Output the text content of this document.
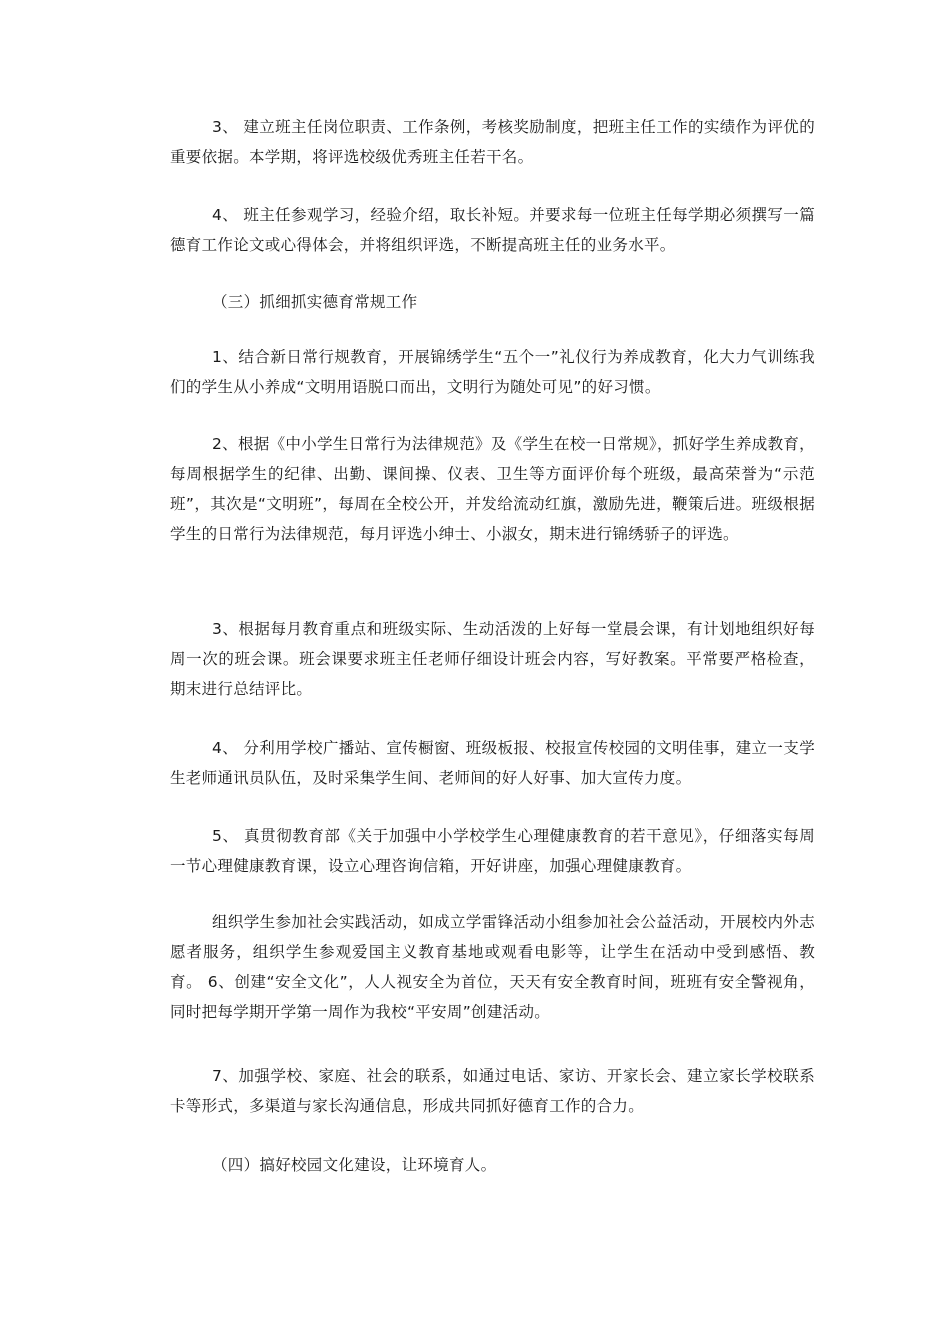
3、 建立班主任岗位职责、工作条例，考核奖励制度，把班主任工作的实绩作为评优的重要依据。本学期，将评选校级优秀班主任若干名。

4、 班主任参观学习，经验介绍，取长补短。并要求每一位班主任每学期必须撰写一篇德育工作论文或心得体会，并将组织评选，不断提高班主任的业务水平。

（三）抓细抓实德育常规工作

1、结合新日常行规教育，开展锦绣学生“五个一”礼仪行为养成教育，化大力气训练我们的学生从小养成“文明用语脱口而出，文明行为随处可见”的好习惯。

2、根据《中小学生日常行为法律规范》及《学生在校一日常规》，抓好学生养成教育，每周根据学生的纪律、出勤、课间操、仪表、卫生等方面评价每个班级，最高荣誉为“示范班”，其次是“文明班”，每周在全校公开，并发给流动红旗，激励先进，鞭策后进。班级根据学生的日常行为法律规范，每月评选小绅士、小淑女，期末进行锦绣骄子的评选。

3、根据每月教育重点和班级实际、生动活泼的上好每一堂晨会课，有计划地组织好每周一次的班会课。班会课要求班主任老师仔细设计班会内容，写好教案。平常要严格检查，期末进行总结评比。

4、 分利用学校广播站、宣传橱窗、班级板报、校报宣传校园的文明佳事，建立一支学生老师通讯员队伍，及时采集学生间、老师间的好人好事、加大宣传力度。

5、 真贯彻教育部《关于加强中小学校学生心理健康教育的若干意见》，仔细落实每周一节心理健康教育课，设立心理咨询信箱，开好讲座，加强心理健康教育。

组织学生参加社会实践活动，如成立学雷锋活动小组参加社会公益活动，开展校内外志愿者服务，组织学生参观爱国主义教育基地或观看电影等，让学生在活动中受到感悟、教育。 6、创建“安全文化”，人人视安全为首位，天天有安全教育时间，班班有安全警视角，同时把每学期开学第一周作为我校“平安周”创建活动。

7、加强学校、家庭、社会的联系，如通过电话、家访、开家长会、建立家长学校联系卡等形式，多渠道与家长沟通信息，形成共同抓好德育工作的合力。

（四）搞好校园文化建设，让环境育人。
